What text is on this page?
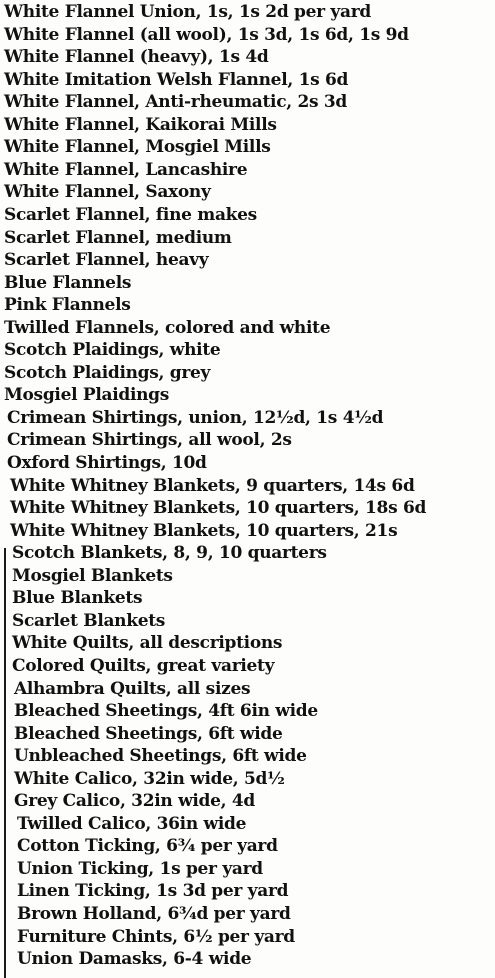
White Flannel Union, 1s, 1s 2d per yard
White Flannel (all wool), 1s 3d, 1s 6d, 1s 9d
White Flannel (heavy), 1s 4d
White Imitation Welsh Flannel, 1s 6d
White Flannel, Anti-rheumatic, 2s 3d
White Flannel, Kaikorai Mills
White Flannel, Mosgiel Mills
White Flannel, Lancashire
White Flannel, Saxony
Scarlet Flannel, fine makes
Scarlet Flannel, medium
Scarlet Flannel, heavy
Blue Flannels
Pink Flannels
Twilled Flannels, colored and white
Scotch Plaidings, white
Scotch Plaidings, grey
Mosgiel Plaidings
Crimean Shirtings, union, 12½d, 1s 4½d
Crimean Shirtings, all wool, 2s
Oxford Shirtings, 10d
White Whitney Blankets, 9 quarters, 14s 6d
White Whitney Blankets, 10 quarters, 18s 6d
White Whitney Blankets, 10 quarters, 21s
Scotch Blankets, 8, 9, 10 quarters
Mosgiel Blankets
Blue Blankets
Scarlet Blankets
White Quilts, all descriptions
Colored Quilts, great variety
Alhambra Quilts, all sizes
Bleached Sheetings, 4ft 6in wide
Bleached Sheetings, 6ft wide
Unbleached Sheetings, 6ft wide
White Calico, 32in wide, 5d½
Grey Calico, 32in wide, 4d
Twilled Calico, 36in wide
Cotton Ticking, 6¾ per yard
Union Ticking, 1s per yard
Linen Ticking, 1s 3d per yard
Brown Holland, 6¾d per yard
Furniture Chints, 6½ per yard
Union Damasks, 6-4 wide
